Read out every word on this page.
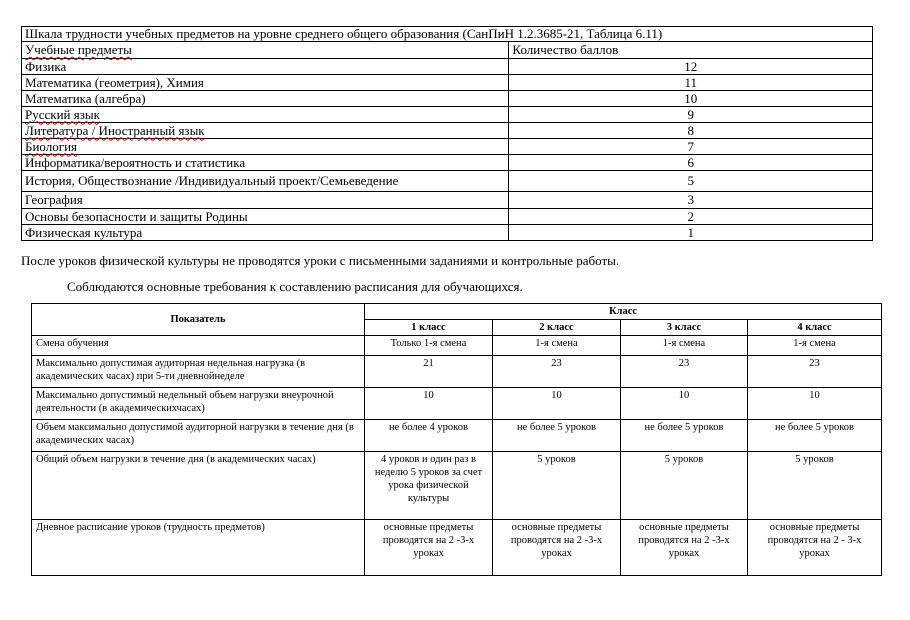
Шкала трудности учебных предметов на уровне среднего общего образования (СанПиН 1.2.3685-21, Таблица 6.11)	
Учебные предметы	Количество баллов
Физика	12
Математика (геометрия), Химия	11
Математика (алгебра)	10
Русский язык	9
Литература / Иностранный язык	8
Биология	7
Информатика/вероятность и статистика	6
История, Обществознание /Индивидуальный проект/Семьеведение	5
География	3
Основы безопасности и защиты Родины	2
Физическая культура	1
После уроков физической культуры не проводятся уроки с письменными заданиями и контрольные работы.
Соблюдаются основные требования к составлению расписания для обучающихся.
Показатель	Класс			
	1 класс	2 класс	3 класс	4 класс
Смена обучения	Только 1-я смена	1-я смена	1-я смена	1-я смена
Максимально допустимая аудиторная недельная нагрузка (в академических часах) при 5-ти дневнойнеделе	21	23	23	23
Максимально допустимый недельный объем нагрузки внеурочной деятельности (в академическихчасах)	10	10	10	10
Объем максимально допустимой аудиторной нагрузки в течение дня (в академических часах)	не более 4 уроков	не более 5 уроков	не более 5 уроков	не более 5 уроков
Общий объем нагрузки в течение дня (в академических часах)	4 уроков и один раз в неделю 5 уроков за счет урока физической культуры	5 уроков	5 уроков	5 уроков
Дневное расписание уроков (трудность предметов)	основные предметы проводятся на 2 -3-х уроках	основные предметы проводятся на 2 -3-х уроках	основные предметы проводятся на 2 -3-х уроках	основные предметы проводятся на 2 - 3-х уроках
